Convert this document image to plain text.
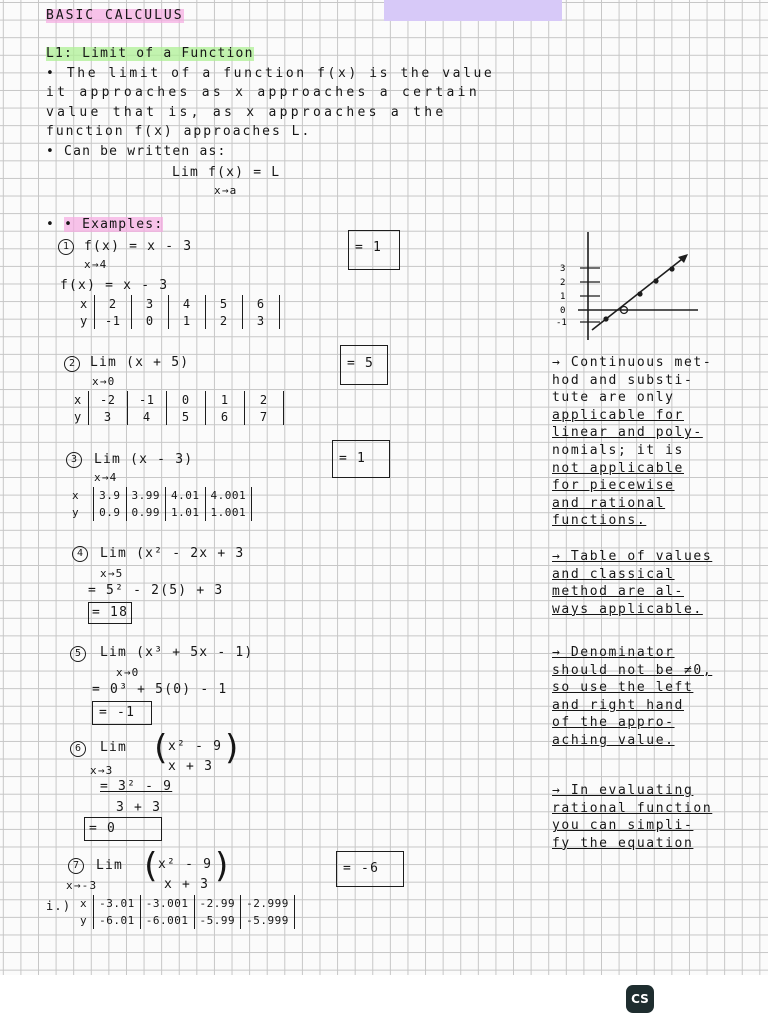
BASIC CALCULUS
L1: Limit of a Function
• The limit of a function f(x) is the value
it approaches as x approaches a certain
value that is, as x approaches a the
function f(x) approaches L.
• Can be written as:
Lim f(x) = L
x→a
• • Examples:
1	f(x) = x - 3
x→4
f(x) = x - 3
= 1
x	2	3	4	5	6
y	-1	0	1	2	3
2	Lim (x + 5)
x→0
= 5
x	-2	-1	0	1	2
y	3	4	5	6	7
3	Lim (x - 3)
x→4
= 1
x	3.9	3.99	4.01	4.001
y	0.9	0.99	1.01	1.001
4	Lim (x² - 2x + 3
x→5
= 5² - 2(5) + 3
= 18
5	Lim (x³ + 5x - 1)
x→0
= 0³ + 5(0) - 1
= -1
6	Lim (
x² - 9
x + 3 )
x→3
= 3² - 9
3 + 3
= 0
7	Lim (
x² - 9
x + 3 )
x→-3
= -6
i.) x	-3.01	-3.001	-2.99	-2.999
y	-6.01	-6.001	-5.99	-5.999
3
2
1
0
-1
→ Continuous met-
hod and substi-
tute are only
applicable for
linear and poly-
nomials; it is
not applicable
for piecewise
and rational
functions.
→ Table of values
and classical
method are al-
ways applicable.
→ Denominator
should not be ≠0,
so use the left
and right hand
of the appro-
aching value.
→ In evaluating
rational function
you can simpli-
fy the equation
CS
